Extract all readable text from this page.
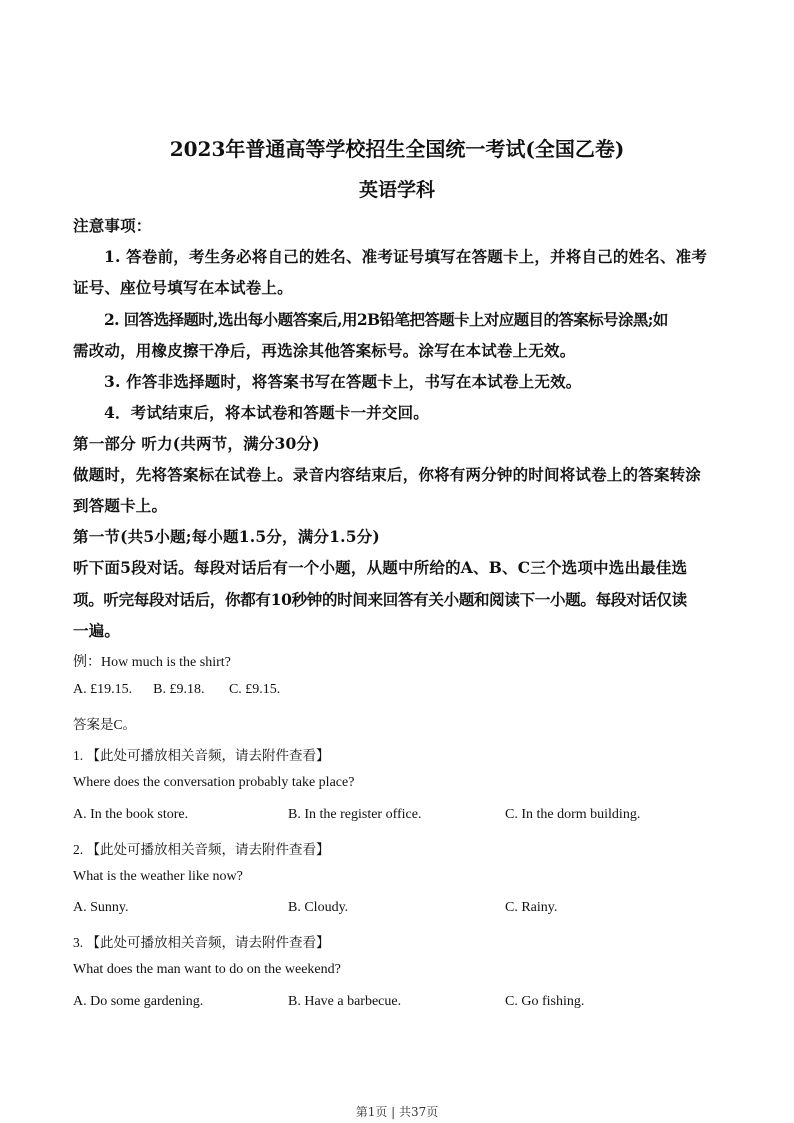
2023年普通高等学校招生全国统一考试(全国乙卷)
英语学科
注意事项：
1. 答卷前，考生务必将自己的姓名、准考证号填写在答题卡上，并将自己的姓名、准考
证号、座位号填写在本试卷上。
2. 回答选择题时,选出每小题答案后,用2B铅笔把答题卡上对应题目的答案标号涂黑;如
需改动，用橡皮擦干净后，再选涂其他答案标号。涂写在本试卷上无效。
3. 作答非选择题时，将答案书写在答题卡上，书写在本试卷上无效。
4．考试结束后，将本试卷和答题卡一并交回。
第一部分 听力(共两节，满分30分)
做题时，先将答案标在试卷上。录音内容结束后，你将有两分钟的时间将试卷上的答案转涂
到答题卡上。
第一节(共5小题;每小题1.5分，满分1.5分)
听下面5段对话。每段对话后有一个小题，从题中所给的A、B、C三个选项中选出最佳选
项。听完每段对话后，你都有10秒钟的时间来回答有关小题和阅读下一小题。每段对话仅读
一遍。
例：How much is the shirt?
A. £19.15.      B. £9.18.       C. £9.15.
答案是C。
1. 【此处可播放相关音频，请去附件查看】
Where does the conversation probably take place?
A. In the book store.	B. In the register office.	C. In the dorm building.
2. 【此处可播放相关音频，请去附件查看】
What is the weather like now?
A. Sunny.	B. Cloudy.	C. Rainy.
3. 【此处可播放相关音频，请去附件查看】
What does the man want to do on the weekend?
A. Do some gardening.	B. Have a barbecue.	C. Go fishing.
第1页 | 共37页
